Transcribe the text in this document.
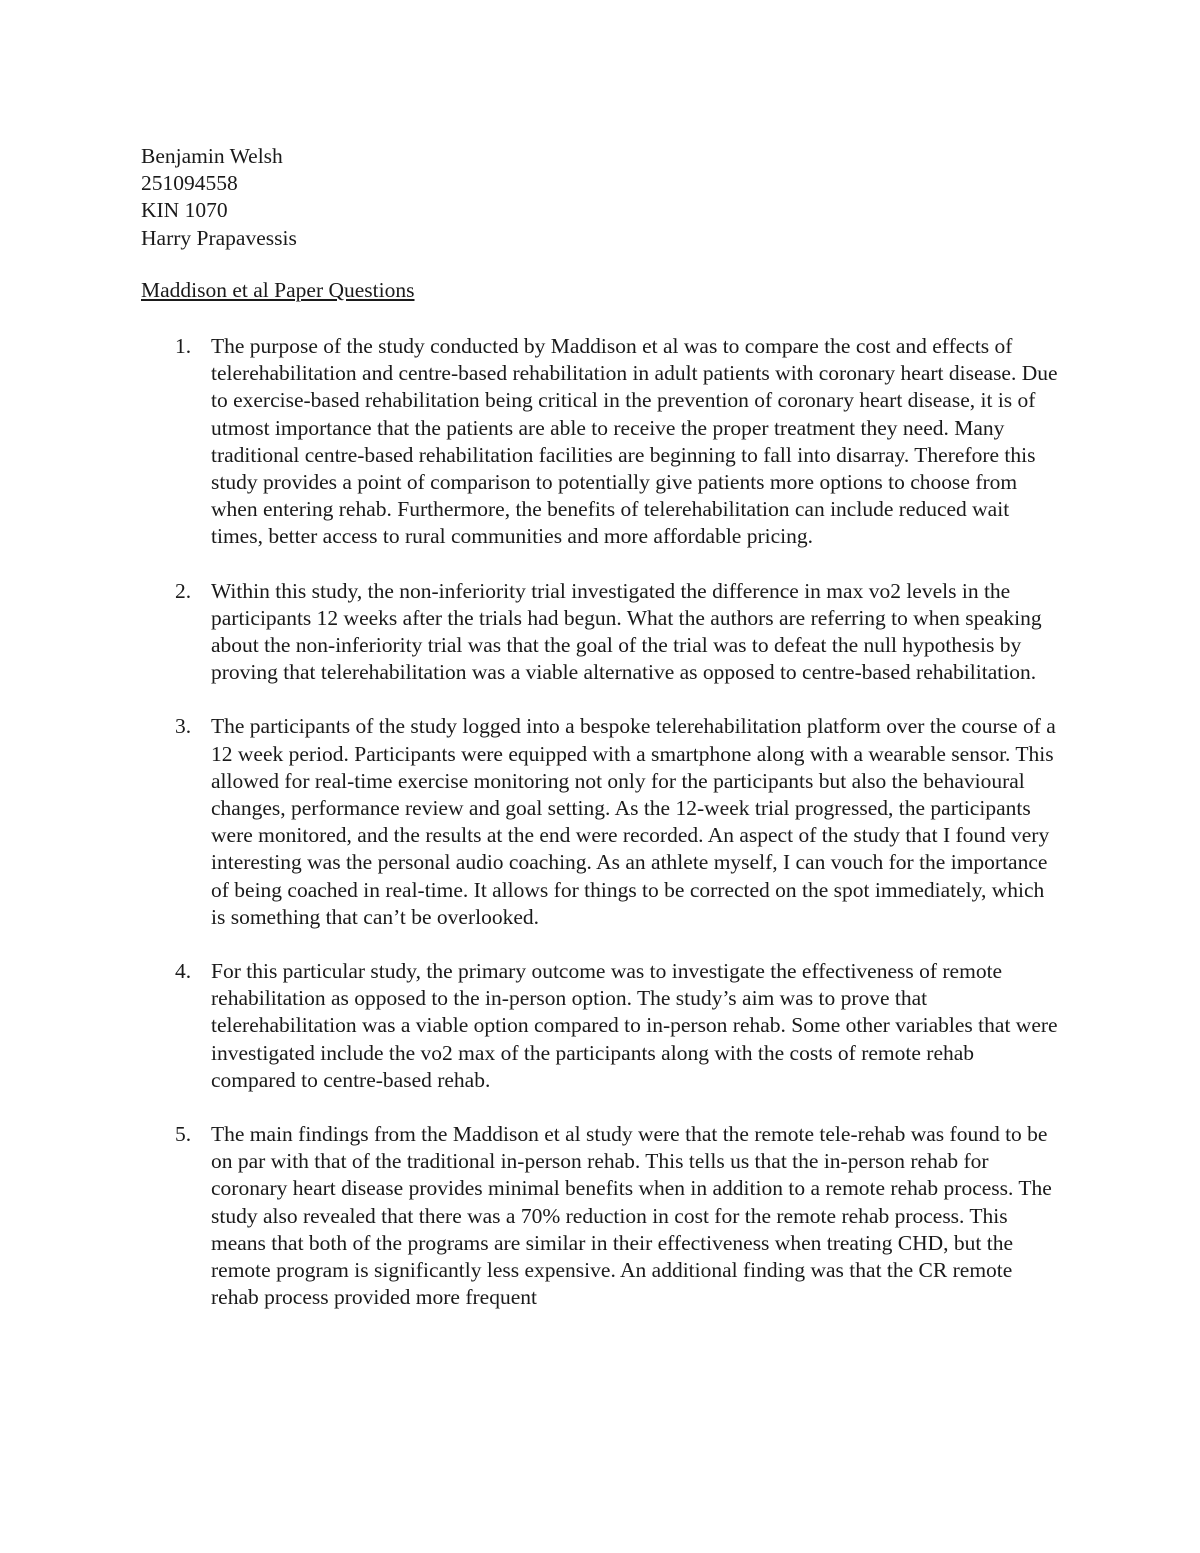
Benjamin Welsh
251094558
KIN 1070
Harry Prapavessis
Maddison et al Paper Questions
1. The purpose of the study conducted by Maddison et al was to compare the cost and effects of telerehabilitation and centre-based rehabilitation in adult patients with coronary heart disease. Due to exercise-based rehabilitation being critical in the prevention of coronary heart disease, it is of utmost importance that the patients are able to receive the proper treatment they need. Many traditional centre-based rehabilitation facilities are beginning to fall into disarray. Therefore this study provides a point of comparison to potentially give patients more options to choose from when entering rehab. Furthermore, the benefits of telerehabilitation can include reduced wait times, better access to rural communities and more affordable pricing.
2. Within this study, the non-inferiority trial investigated the difference in max vo2 levels in the participants 12 weeks after the trials had begun. What the authors are referring to when speaking about the non-inferiority trial was that the goal of the trial was to defeat the null hypothesis by proving that telerehabilitation was a viable alternative as opposed to centre-based rehabilitation.
3. The participants of the study logged into a bespoke telerehabilitation platform over the course of a 12 week period. Participants were equipped with a smartphone along with a wearable sensor. This allowed for real-time exercise monitoring not only for the participants but also the behavioural changes, performance review and goal setting. As the 12-week trial progressed, the participants were monitored, and the results at the end were recorded. An aspect of the study that I found very interesting was the personal audio coaching. As an athlete myself, I can vouch for the importance of being coached in real-time. It allows for things to be corrected on the spot immediately, which is something that can’t be overlooked.
4. For this particular study, the primary outcome was to investigate the effectiveness of remote rehabilitation as opposed to the in-person option. The study’s aim was to prove that telerehabilitation was a viable option compared to in-person rehab. Some other variables that were investigated include the vo2 max of the participants along with the costs of remote rehab compared to centre-based rehab.
5. The main findings from the Maddison et al study were that the remote tele-rehab was found to be on par with that of the traditional in-person rehab. This tells us that the in-person rehab for coronary heart disease provides minimal benefits when in addition to a remote rehab process. The study also revealed that there was a 70% reduction in cost for the remote rehab process. This means that both of the programs are similar in their effectiveness when treating CHD, but the remote program is significantly less expensive. An additional finding was that the CR remote rehab process provided more frequent
